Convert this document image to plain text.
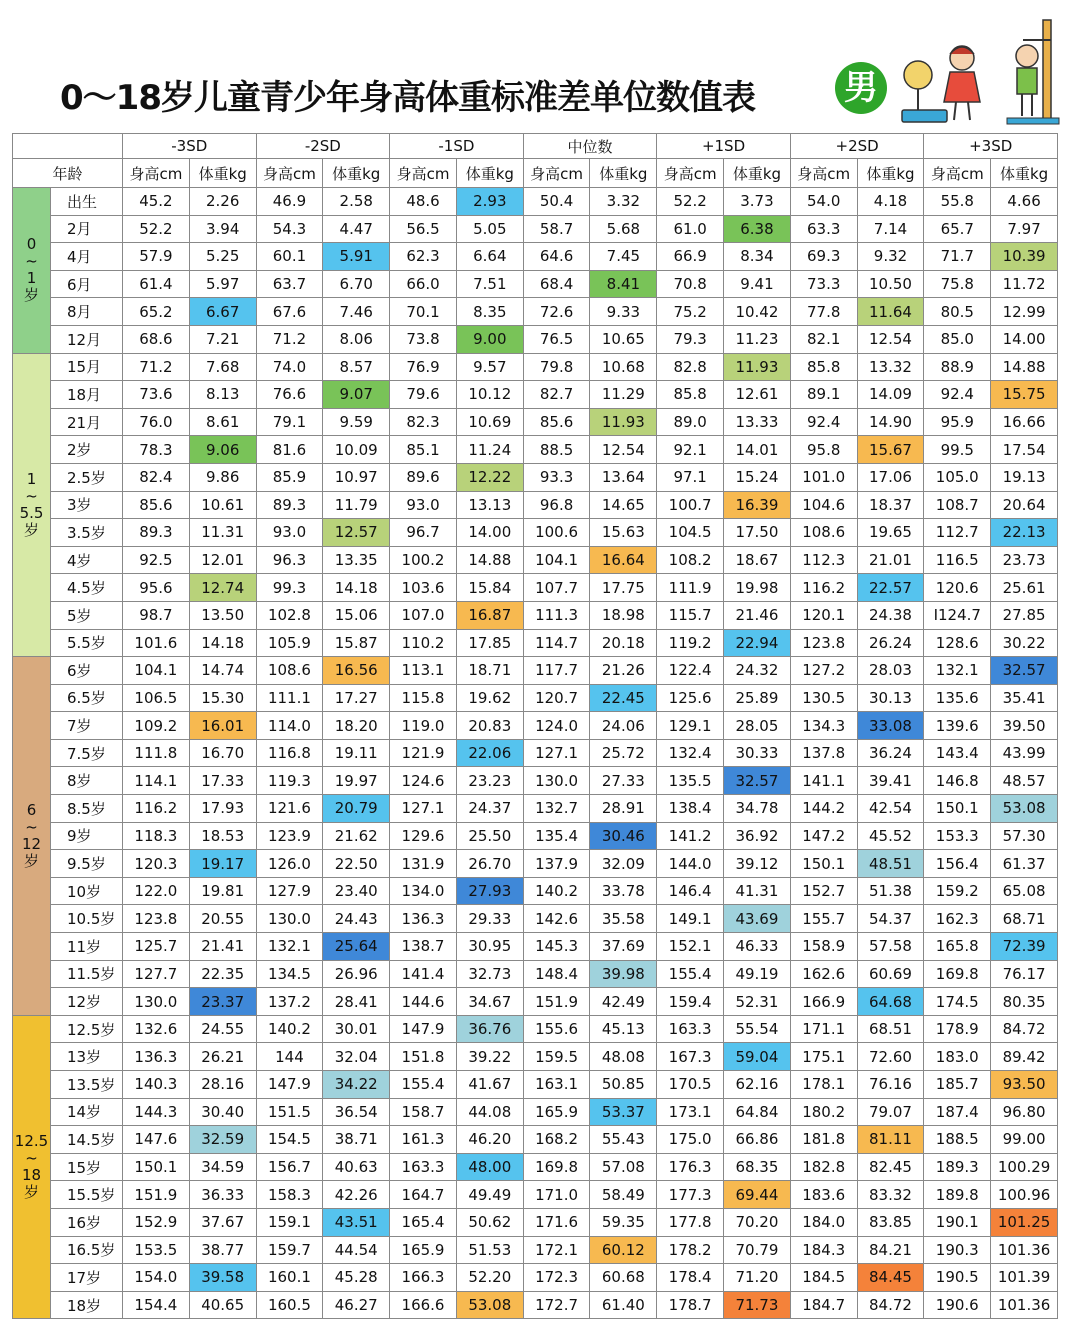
0～18岁儿童青少年身高体重标准差单位数值表	男
		-3SD		-2SD		-1SD		中位数		+1SD		+2SD		+3SD	
年龄		身高cm	体重kg	身高cm	体重kg	身高cm	体重kg	身高cm	体重kg	身高cm	体重kg	身高cm	体重kg	身高cm	体重kg

0
~
1
岁	出生	45.2	2.26	46.9	2.58	48.6	2.93	50.4	3.32	52.2	3.73	54.0	4.18	55.8	4.66
	2月	52.2	3.94	54.3	4.47	56.5	5.05	58.7	5.68	61.0	6.38	63.3	7.14	65.7	7.97
	4月	57.9	5.25	60.1	5.91	62.3	6.64	64.6	7.45	66.9	8.34	69.3	9.32	71.7	10.39
	6月	61.4	5.97	63.7	6.70	66.0	7.51	68.4	8.41	70.8	9.41	73.3	10.50	75.8	11.72
	8月	65.2	6.67	67.6	7.46	70.1	8.35	72.6	9.33	75.2	10.42	77.8	11.64	80.5	12.99
	12月	68.6	7.21	71.2	8.06	73.8	9.00	76.5	10.65	79.3	11.23	82.1	12.54	85.0	14.00

1
~
5.5
岁	15月	71.2	7.68	74.0	8.57	76.9	9.57	79.8	10.68	82.8	11.93	85.8	13.32	88.9	14.88
	18月	73.6	8.13	76.6	9.07	79.6	10.12	82.7	11.29	85.8	12.61	89.1	14.09	92.4	15.75
	21月	76.0	8.61	79.1	9.59	82.3	10.69	85.6	11.93	89.0	13.33	92.4	14.90	95.9	16.66
	2岁	78.3	9.06	81.6	10.09	85.1	11.24	88.5	12.54	92.1	14.01	95.8	15.67	99.5	17.54
	2.5岁	82.4	9.86	85.9	10.97	89.6	12.22	93.3	13.64	97.1	15.24	101.0	17.06	105.0	19.13
	3岁	85.6	10.61	89.3	11.79	93.0	13.13	96.8	14.65	100.7	16.39	104.6	18.37	108.7	20.64
	3.5岁	89.3	11.31	93.0	12.57	96.7	14.00	100.6	15.63	104.5	17.50	108.6	19.65	112.7	22.13
	4岁	92.5	12.01	96.3	13.35	100.2	14.88	104.1	16.64	108.2	18.67	112.3	21.01	116.5	23.73
	4.5岁	95.6	12.74	99.3	14.18	103.6	15.84	107.7	17.75	111.9	19.98	116.2	22.57	120.6	25.61
	5岁	98.7	13.50	102.8	15.06	107.0	16.87	111.3	18.98	115.7	21.46	120.1	24.38	I124.7	27.85
	5.5岁	101.6	14.18	105.9	15.87	110.2	17.85	114.7	20.18	119.2	22.94	123.8	26.24	128.6	30.22

6
~
12
岁	6岁	104.1	14.74	108.6	16.56	113.1	18.71	117.7	21.26	122.4	24.32	127.2	28.03	132.1	32.57
	6.5岁	106.5	15.30	111.1	17.27	115.8	19.62	120.7	22.45	125.6	25.89	130.5	30.13	135.6	35.41
	7岁	109.2	16.01	114.0	18.20	119.0	20.83	124.0	24.06	129.1	28.05	134.3	33.08	139.6	39.50
	7.5岁	111.8	16.70	116.8	19.11	121.9	22.06	127.1	25.72	132.4	30.33	137.8	36.24	143.4	43.99
	8岁	114.1	17.33	119.3	19.97	124.6	23.23	130.0	27.33	135.5	32.57	141.1	39.41	146.8	48.57
	8.5岁	116.2	17.93	121.6	20.79	127.1	24.37	132.7	28.91	138.4	34.78	144.2	42.54	150.1	53.08
	9岁	118.3	18.53	123.9	21.62	129.6	25.50	135.4	30.46	141.2	36.92	147.2	45.52	153.3	57.30
	9.5岁	120.3	19.17	126.0	22.50	131.9	26.70	137.9	32.09	144.0	39.12	150.1	48.51	156.4	61.37
	10岁	122.0	19.81	127.9	23.40	134.0	27.93	140.2	33.78	146.4	41.31	152.7	51.38	159.2	65.08
	10.5岁	123.8	20.55	130.0	24.43	136.3	29.33	142.6	35.58	149.1	43.69	155.7	54.37	162.3	68.71
	11岁	125.7	21.41	132.1	25.64	138.7	30.95	145.3	37.69	152.1	46.33	158.9	57.58	165.8	72.39
	11.5岁	127.7	22.35	134.5	26.96	141.4	32.73	148.4	39.98	155.4	49.19	162.6	60.69	169.8	76.17
	12岁	130.0	23.37	137.2	28.41	144.6	34.67	151.9	42.49	159.4	52.31	166.9	64.68	174.5	80.35

12.5
~
18
岁	12.5岁	132.6	24.55	140.2	30.01	147.9	36.76	155.6	45.13	163.3	55.54	171.1	68.51	178.9	84.72
	13岁	136.3	26.21	144	32.04	151.8	39.22	159.5	48.08	167.3	59.04	175.1	72.60	183.0	89.42
	13.5岁	140.3	28.16	147.9	34.22	155.4	41.67	163.1	50.85	170.5	62.16	178.1	76.16	185.7	93.50
	14岁	144.3	30.40	151.5	36.54	158.7	44.08	165.9	53.37	173.1	64.84	180.2	79.07	187.4	96.80
	14.5岁	147.6	32.59	154.5	38.71	161.3	46.20	168.2	55.43	175.0	66.86	181.8	81.11	188.5	99.00
	15岁	150.1	34.59	156.7	40.63	163.3	48.00	169.8	57.08	176.3	68.35	182.8	82.45	189.3	100.29
	15.5岁	151.9	36.33	158.3	42.26	164.7	49.49	171.0	58.49	177.3	69.44	183.6	83.32	189.8	100.96
	16岁	152.9	37.67	159.1	43.51	165.4	50.62	171.6	59.35	177.8	70.20	184.0	83.85	190.1	101.25
	16.5岁	153.5	38.77	159.7	44.54	165.9	51.53	172.1	60.12	178.2	70.79	184.3	84.21	190.3	101.36
	17岁	154.0	39.58	160.1	45.28	166.3	52.20	172.3	60.68	178.4	71.20	184.5	84.45	190.5	101.39
	18岁	154.4	40.65	160.5	46.27	166.6	53.08	172.7	61.40	178.7	71.73	184.7	84.72	190.6	101.36
